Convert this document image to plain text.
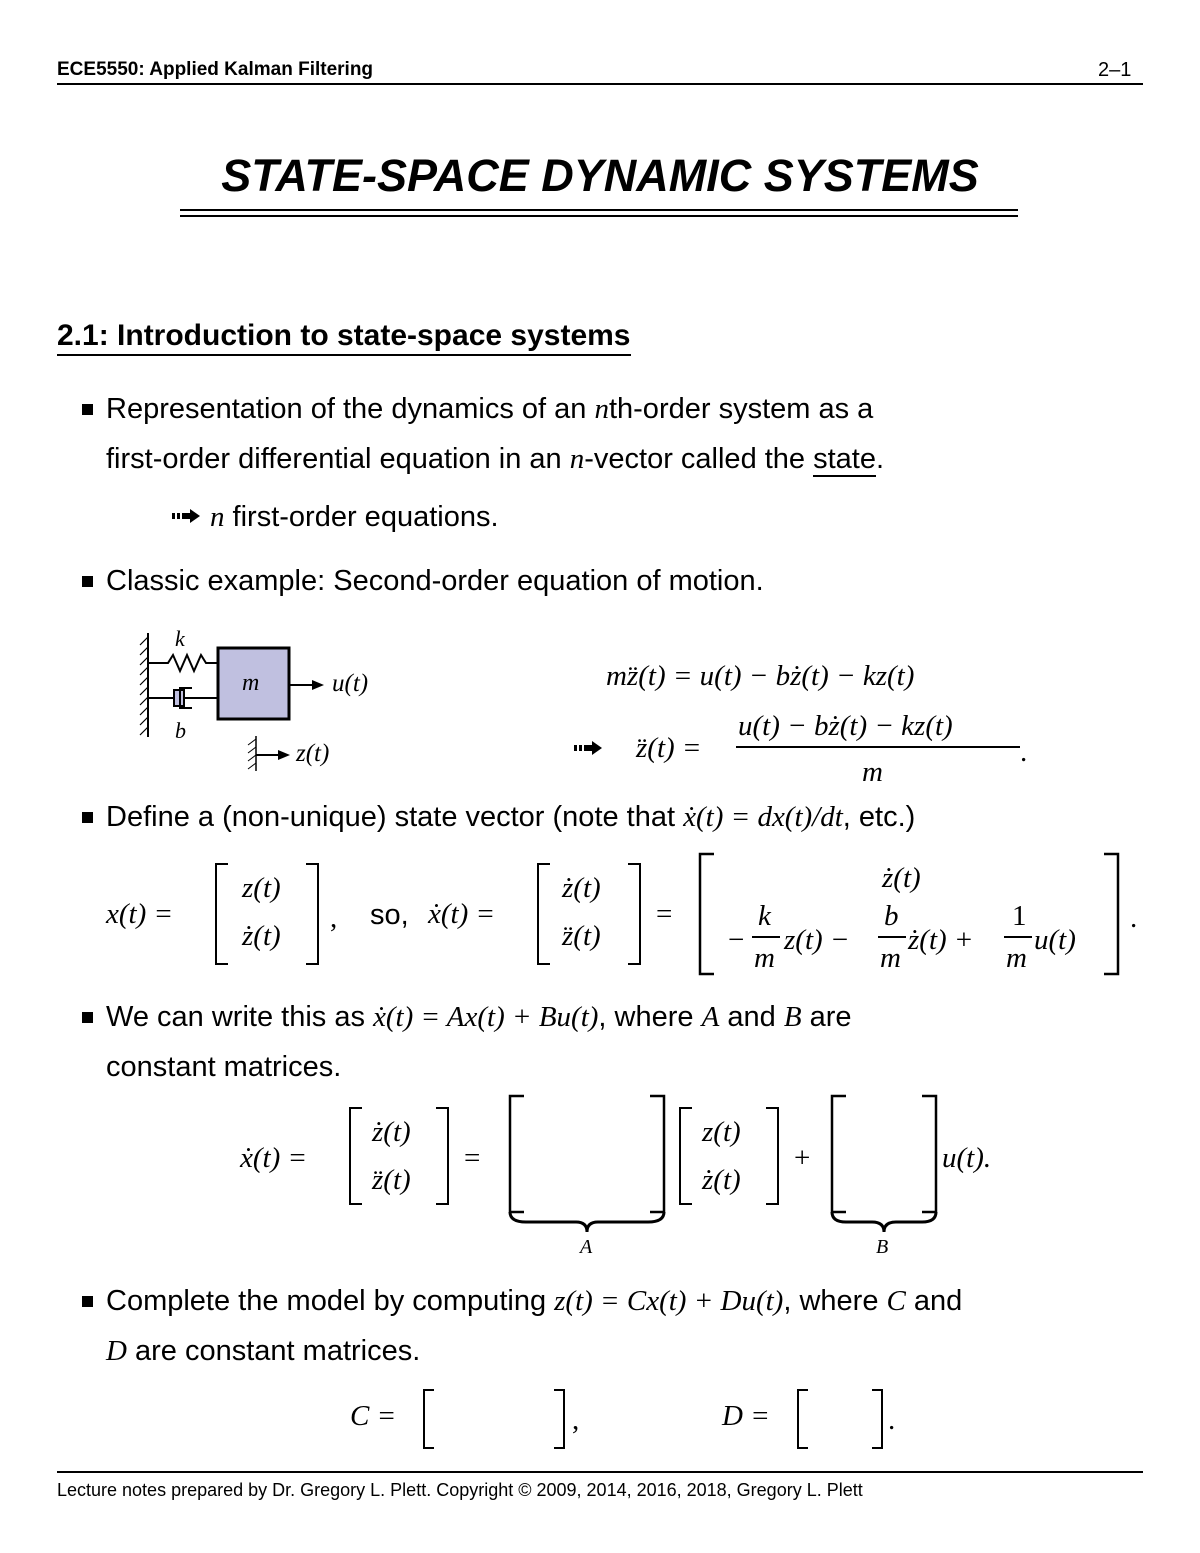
ECE5550: Applied Kalman Filtering	2–1
STATE-SPACE DYNAMIC SYSTEMS
2.1: Introduction to state-space systems
Representation of the dynamics of an nth-order system as a
first-order differential equation in an n-vector called the state.
n first-order equations.
Classic example: Second-order equation of motion.
k
b
m	u(t)
z(t)
mz̈(t) = u(t) − bż(t) − kz(t)
z̈(t) =
u(t) − bż(t) − kz(t)
m
.
Define a (non-unique) state vector (note that ẋ(t) = dx(t)/dt, etc.)
x(t) =
z(t)
ż(t)
, so, ẋ(t) =
ż(t)
z̈(t)
=
ż(t)
−
k
m
z(t) −
b
m
ż(t) +
1
m
u(t)
.
We can write this as ẋ(t) = Ax(t) + Bu(t), where A and B are
constant matrices.
ẋ(t) =
ż(t)
z̈(t)
=
A
z(t)
ż(t)
+
B
u(t).
Complete the model by computing z(t) = Cx(t) + Du(t), where C and
D are constant matrices.
C =	,	D =	.
Lecture notes prepared by Dr. Gregory L. Plett. Copyright © 2009, 2014, 2016, 2018, Gregory L. Plett
